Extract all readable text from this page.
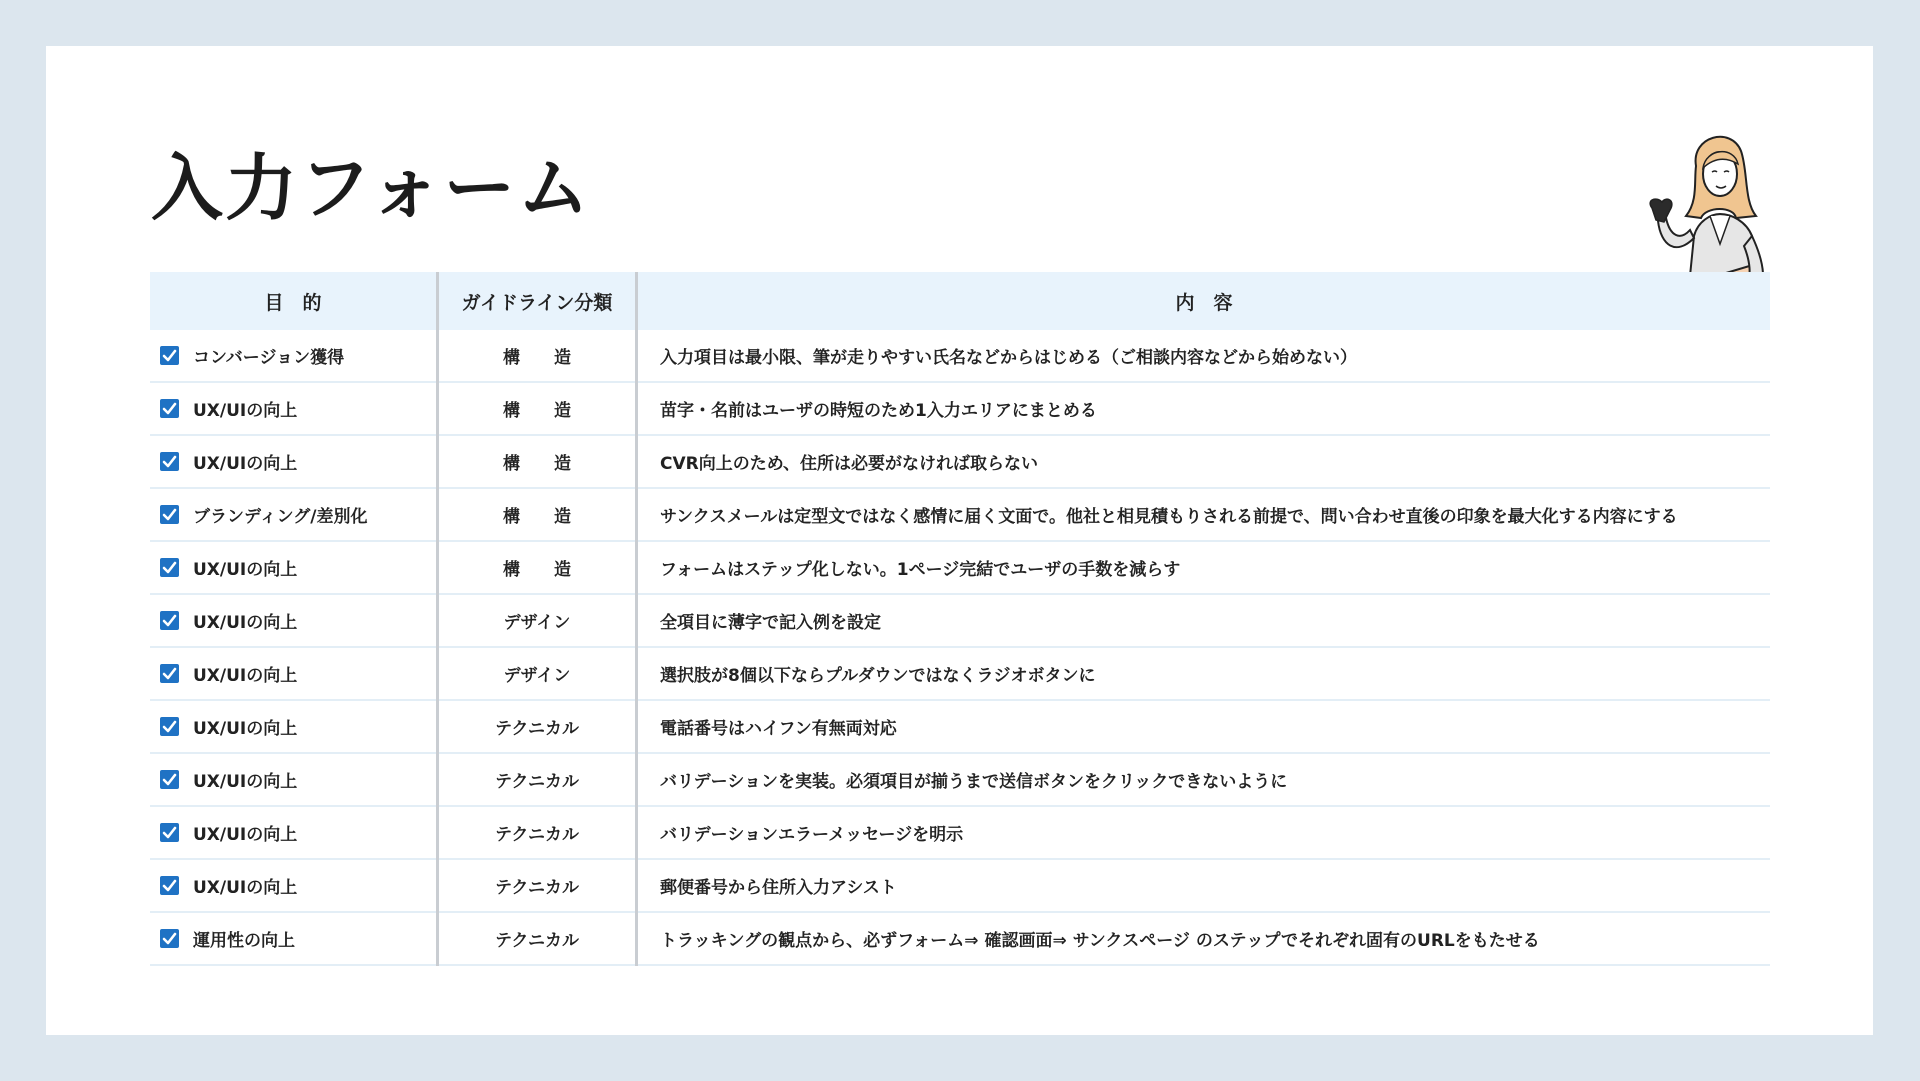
入力フォーム
目　的	ガイドライン分類	内　容

コンバージョン獲得	構　　造	入力項目は最小限、筆が走りやすい氏名などからはじめる（ご相談内容などから始めない）

UX/UIの向上	構　　造	苗字・名前はユーザの時短のため1入力エリアにまとめる

UX/UIの向上	構　　造	CVR向上のため、住所は必要がなければ取らない

ブランディング/差別化	構　　造	サンクスメールは定型文ではなく感情に届く文面で。他社と相見積もりされる前提で、問い合わせ直後の印象を最大化する内容にする

UX/UIの向上	構　　造	フォームはステップ化しない。1ページ完結でユーザの手数を減らす

UX/UIの向上	デザイン	全項目に薄字で記入例を設定

UX/UIの向上	デザイン	選択肢が8個以下ならプルダウンではなくラジオボタンに

UX/UIの向上	テクニカル	電話番号はハイフン有無両対応

UX/UIの向上	テクニカル	バリデーションを実装。必須項目が揃うまで送信ボタンをクリックできないように

UX/UIの向上	テクニカル	バリデーションエラーメッセージを明示

UX/UIの向上	テクニカル	郵便番号から住所入力アシスト

運用性の向上	テクニカル	トラッキングの観点から、必ずフォーム⇒ 確認画面⇒ サンクスページ のステップでそれぞれ固有のURLをもたせる
